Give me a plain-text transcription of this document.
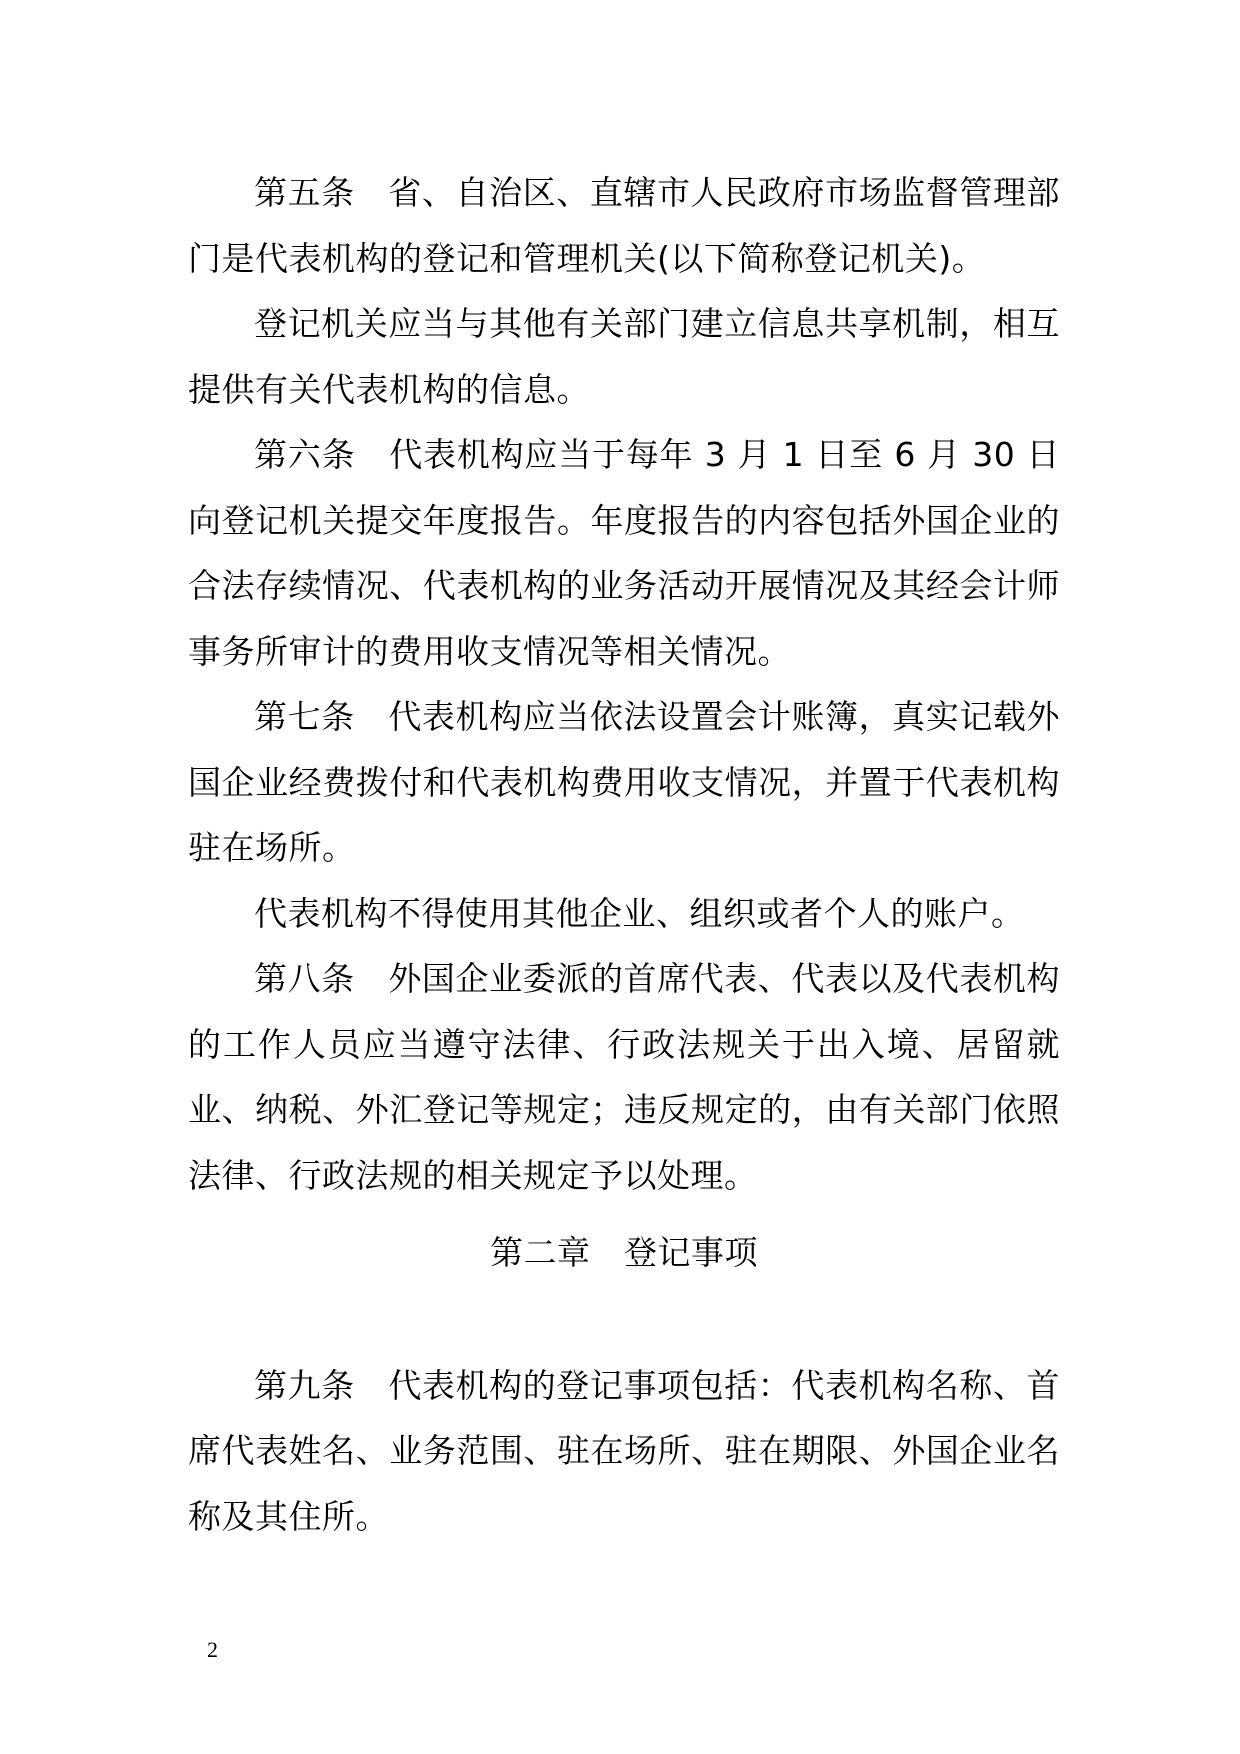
第五条　省、自治区、直辖市人民政府市场监督管理部门是代表机构的登记和管理机关(以下简称登记机关)。

登记机关应当与其他有关部门建立信息共享机制，相互提供有关代表机构的信息。

第六条　代表机构应当于每年 3 月 1 日至 6 月 30 日向登记机关提交年度报告。年度报告的内容包括外国企业的合法存续情况、代表机构的业务活动开展情况及其经会计师事务所审计的费用收支情况等相关情况。

第七条　代表机构应当依法设置会计账簿，真实记载外国企业经费拨付和代表机构费用收支情况，并置于代表机构驻在场所。

代表机构不得使用其他企业、组织或者个人的账户。

第八条　外国企业委派的首席代表、代表以及代表机构的工作人员应当遵守法律、行政法规关于出入境、居留就业、纳税、外汇登记等规定；违反规定的，由有关部门依照法律、行政法规的相关规定予以处理。

第二章　登记事项

第九条　代表机构的登记事项包括：代表机构名称、首席代表姓名、业务范围、驻在场所、驻在期限、外国企业名称及其住所。

2
